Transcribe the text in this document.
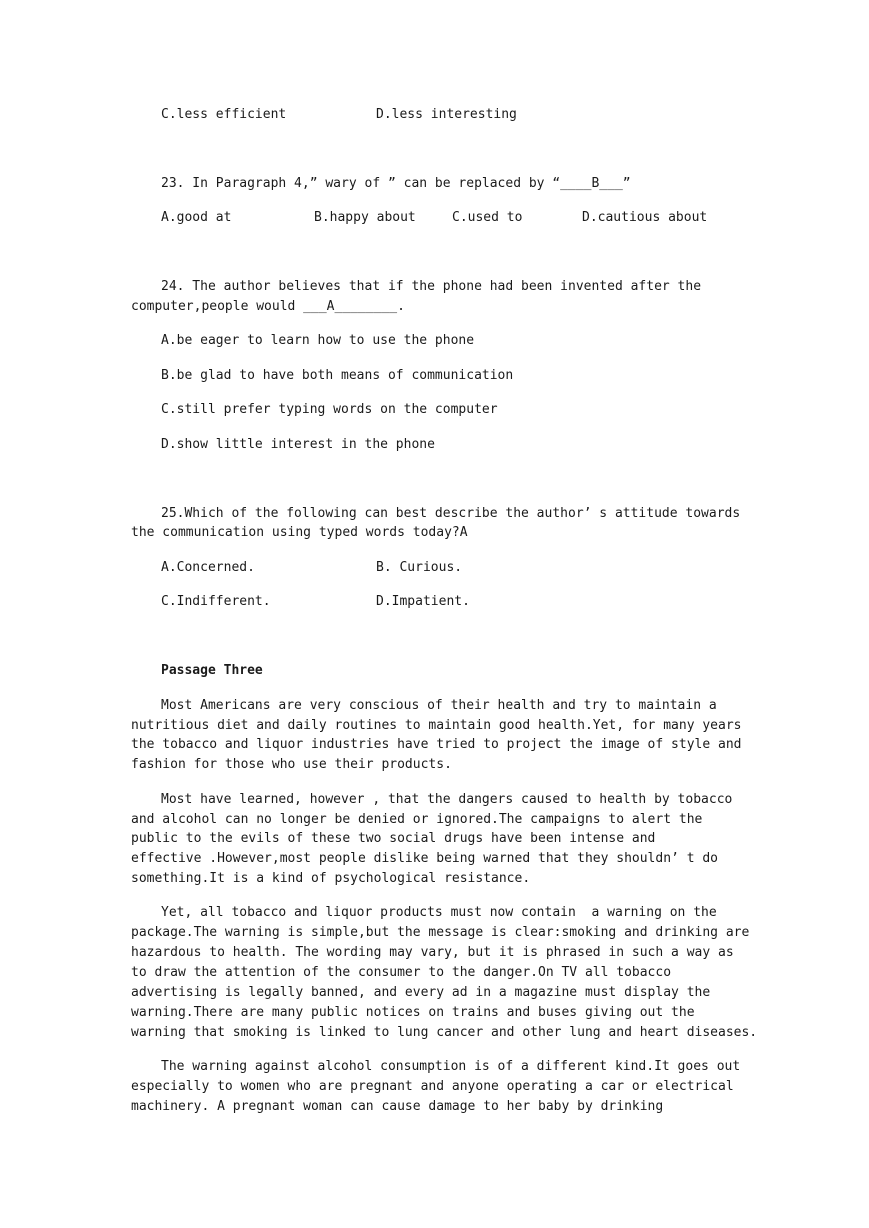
C.less efficient	D.less interesting
23. In Paragraph 4,” wary of ” can be replaced by “____B___”
A.good at	B.happy about	C.used to	D.cautious about
24. The author believes that if the phone had been invented after the
computer,people would ___A________.
A.be eager to learn how to use the phone
B.be glad to have both means of communication
C.still prefer typing words on the computer
D.show little interest in the phone
25.Which of the following can best describe the author’ s attitude towards
the communication using typed words today?A
A.Concerned.	B. Curious.
C.Indifferent.	D.Impatient.
Passage Three
Most Americans are very conscious of their health and try to maintain a
nutritious diet and daily routines to maintain good health.Yet, for many years
the tobacco and liquor industries have tried to project the image of style and
fashion for those who use their products.
Most have learned, however , that the dangers caused to health by tobacco
and alcohol can no longer be denied or ignored.The campaigns to alert the
public to the evils of these two social drugs have been intense and
effective .However,most people dislike being warned that they shouldn’ t do
something.It is a kind of psychological resistance.
Yet, all tobacco and liquor products must now contain  a warning on the
package.The warning is simple,but the message is clear:smoking and drinking are
hazardous to health. The wording may vary, but it is phrased in such a way as
to draw the attention of the consumer to the danger.On TV all tobacco
advertising is legally banned, and every ad in a magazine must display the
warning.There are many public notices on trains and buses giving out the
warning that smoking is linked to lung cancer and other lung and heart diseases.
The warning against alcohol consumption is of a different kind.It goes out
especially to women who are pregnant and anyone operating a car or electrical
machinery. A pregnant woman can cause damage to her baby by drinking
